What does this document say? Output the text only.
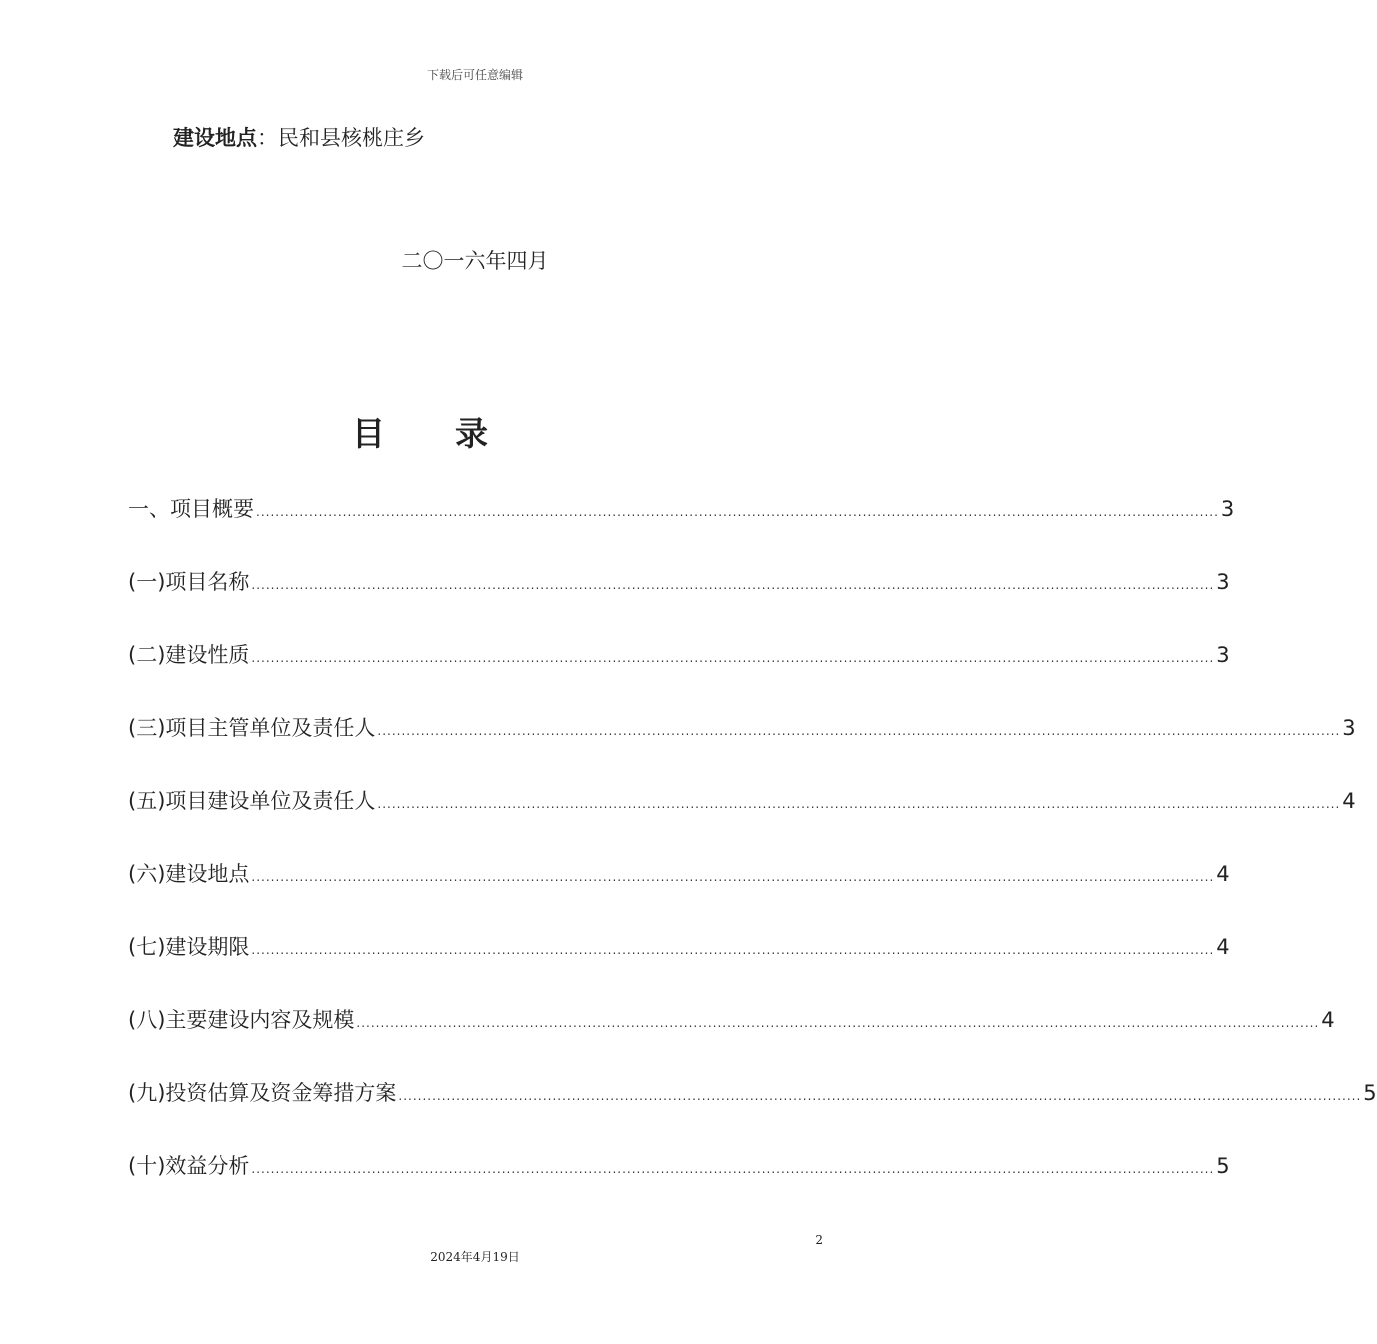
下载后可任意编辑
建设地点：民和县核桃庄乡
二〇一六年四月
目 录
一、项目概要 ........................................................................................................................................................................................................ 3
(一)项目名称 ........................................................................................................................................................................................................ 3
(二)建设性质 ........................................................................................................................................................................................................ 3
(三)项目主管单位及责任人 ........................................................................................................................................................................................................ 3
(五)项目建设单位及责任人 ........................................................................................................................................................................................................ 4
(六)建设地点 ........................................................................................................................................................................................................ 4
(七)建设期限 ........................................................................................................................................................................................................ 4
(八)主要建设内容及规模 ........................................................................................................................................................................................................ 4
(九)投资估算及资金筹措方案 ........................................................................................................................................................................................................ 5
(十)效益分析 ........................................................................................................................................................................................................ 5
2
2024年4月19日
